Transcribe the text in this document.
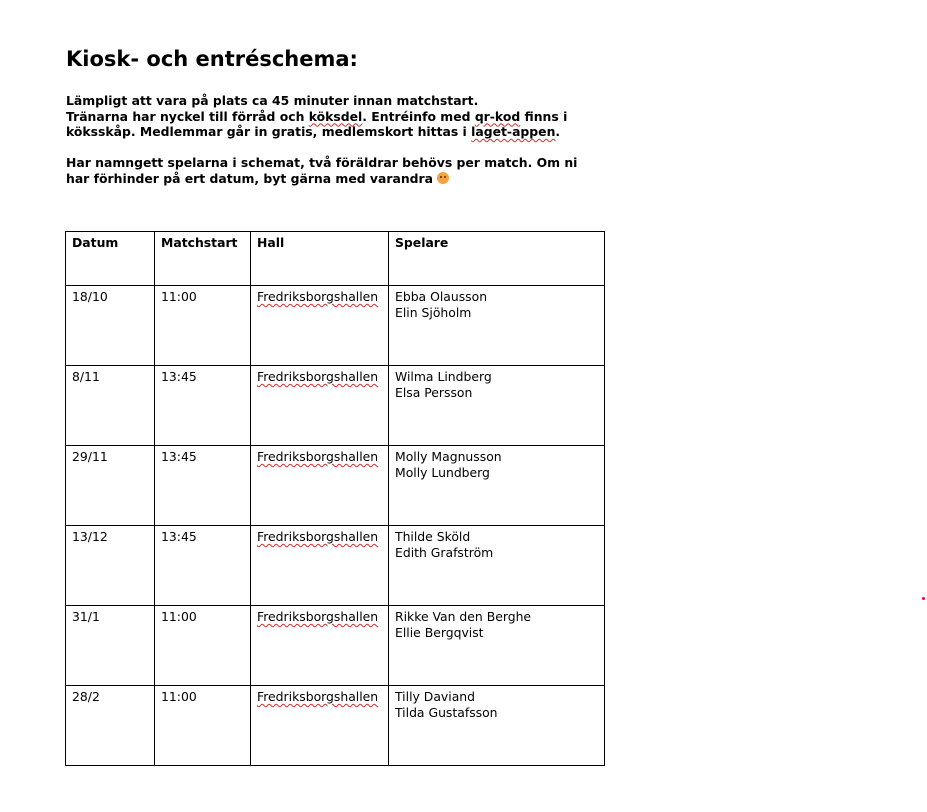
Kiosk- och entréschema:

Lämpligt att vara på plats ca 45 minuter innan matchstart.

Tränarna har nyckel till förråd och köksdel. Entréinfo med qr-kod finns i

köksskåp. Medlemmar går in gratis, medlemskort hittas i laget-appen.

Har namngett spelarna i schemat, två föräldrar behövs per match. Om ni

har förhinder på ert datum, byt gärna med varandra

Datum	Matchstart	Hall	Spelare
18/10	11:00	Fredriksborgshallen	Ebba Olausson
Elin Sjöholm

8/11	13:45	Fredriksborgshallen	Wilma Lindberg
Elsa Persson

29/11	13:45	Fredriksborgshallen	Molly Magnusson
Molly Lundberg

13/12	13:45	Fredriksborgshallen	Thilde Sköld
Edith Grafström

31/1	11:00	Fredriksborgshallen	Rikke Van den Berghe
Ellie Bergqvist

28/2	11:00	Fredriksborgshallen	Tilly Daviand
Tilda Gustafsson
